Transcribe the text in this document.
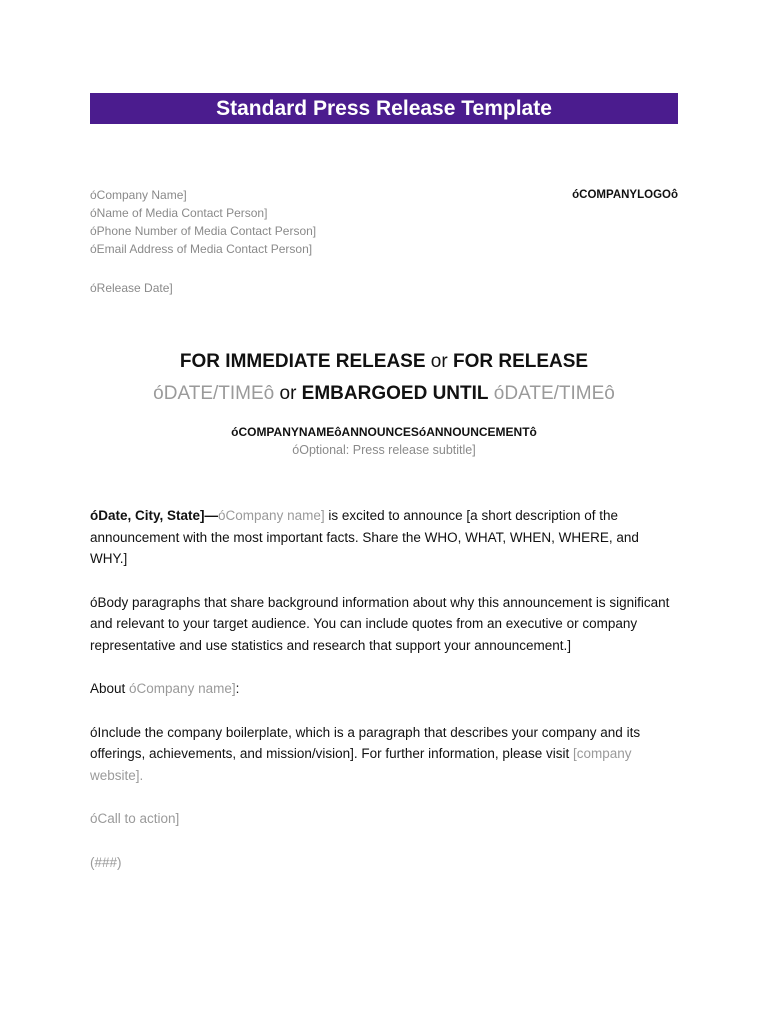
Standard Press Release Template
óCompany Name]
óName of Media Contact Person]
óPhone Number of Media Contact Person]
óEmail Address of Media Contact Person]
óCOMPANYLOGOô
óRelease Date]
FOR IMMEDIATE RELEASE or FOR RELEASE
óDATE/TIMEô or EMBARGOED UNTIL óDATE/TIMEô
óCOMPANYNAMEôANNOUNCESóANNOUNCEMENTô
óOptional: Press release subtitle]

óDate, City, State]—óCompany name] is excited to announce [a short description of the announcement with the most important facts. Share the WHO, WHAT, WHEN, WHERE, and WHY.]

óBody paragraphs that share background information about why this announcement is significant and relevant to your target audience. You can include quotes from an executive or company representative and use statistics and research that support your announcement.]

About óCompany name]:

óInclude the company boilerplate, which is a paragraph that describes your company and its offerings, achievements, and mission/vision]. For further information, please visit [company website].

óCall to action]

(###)
